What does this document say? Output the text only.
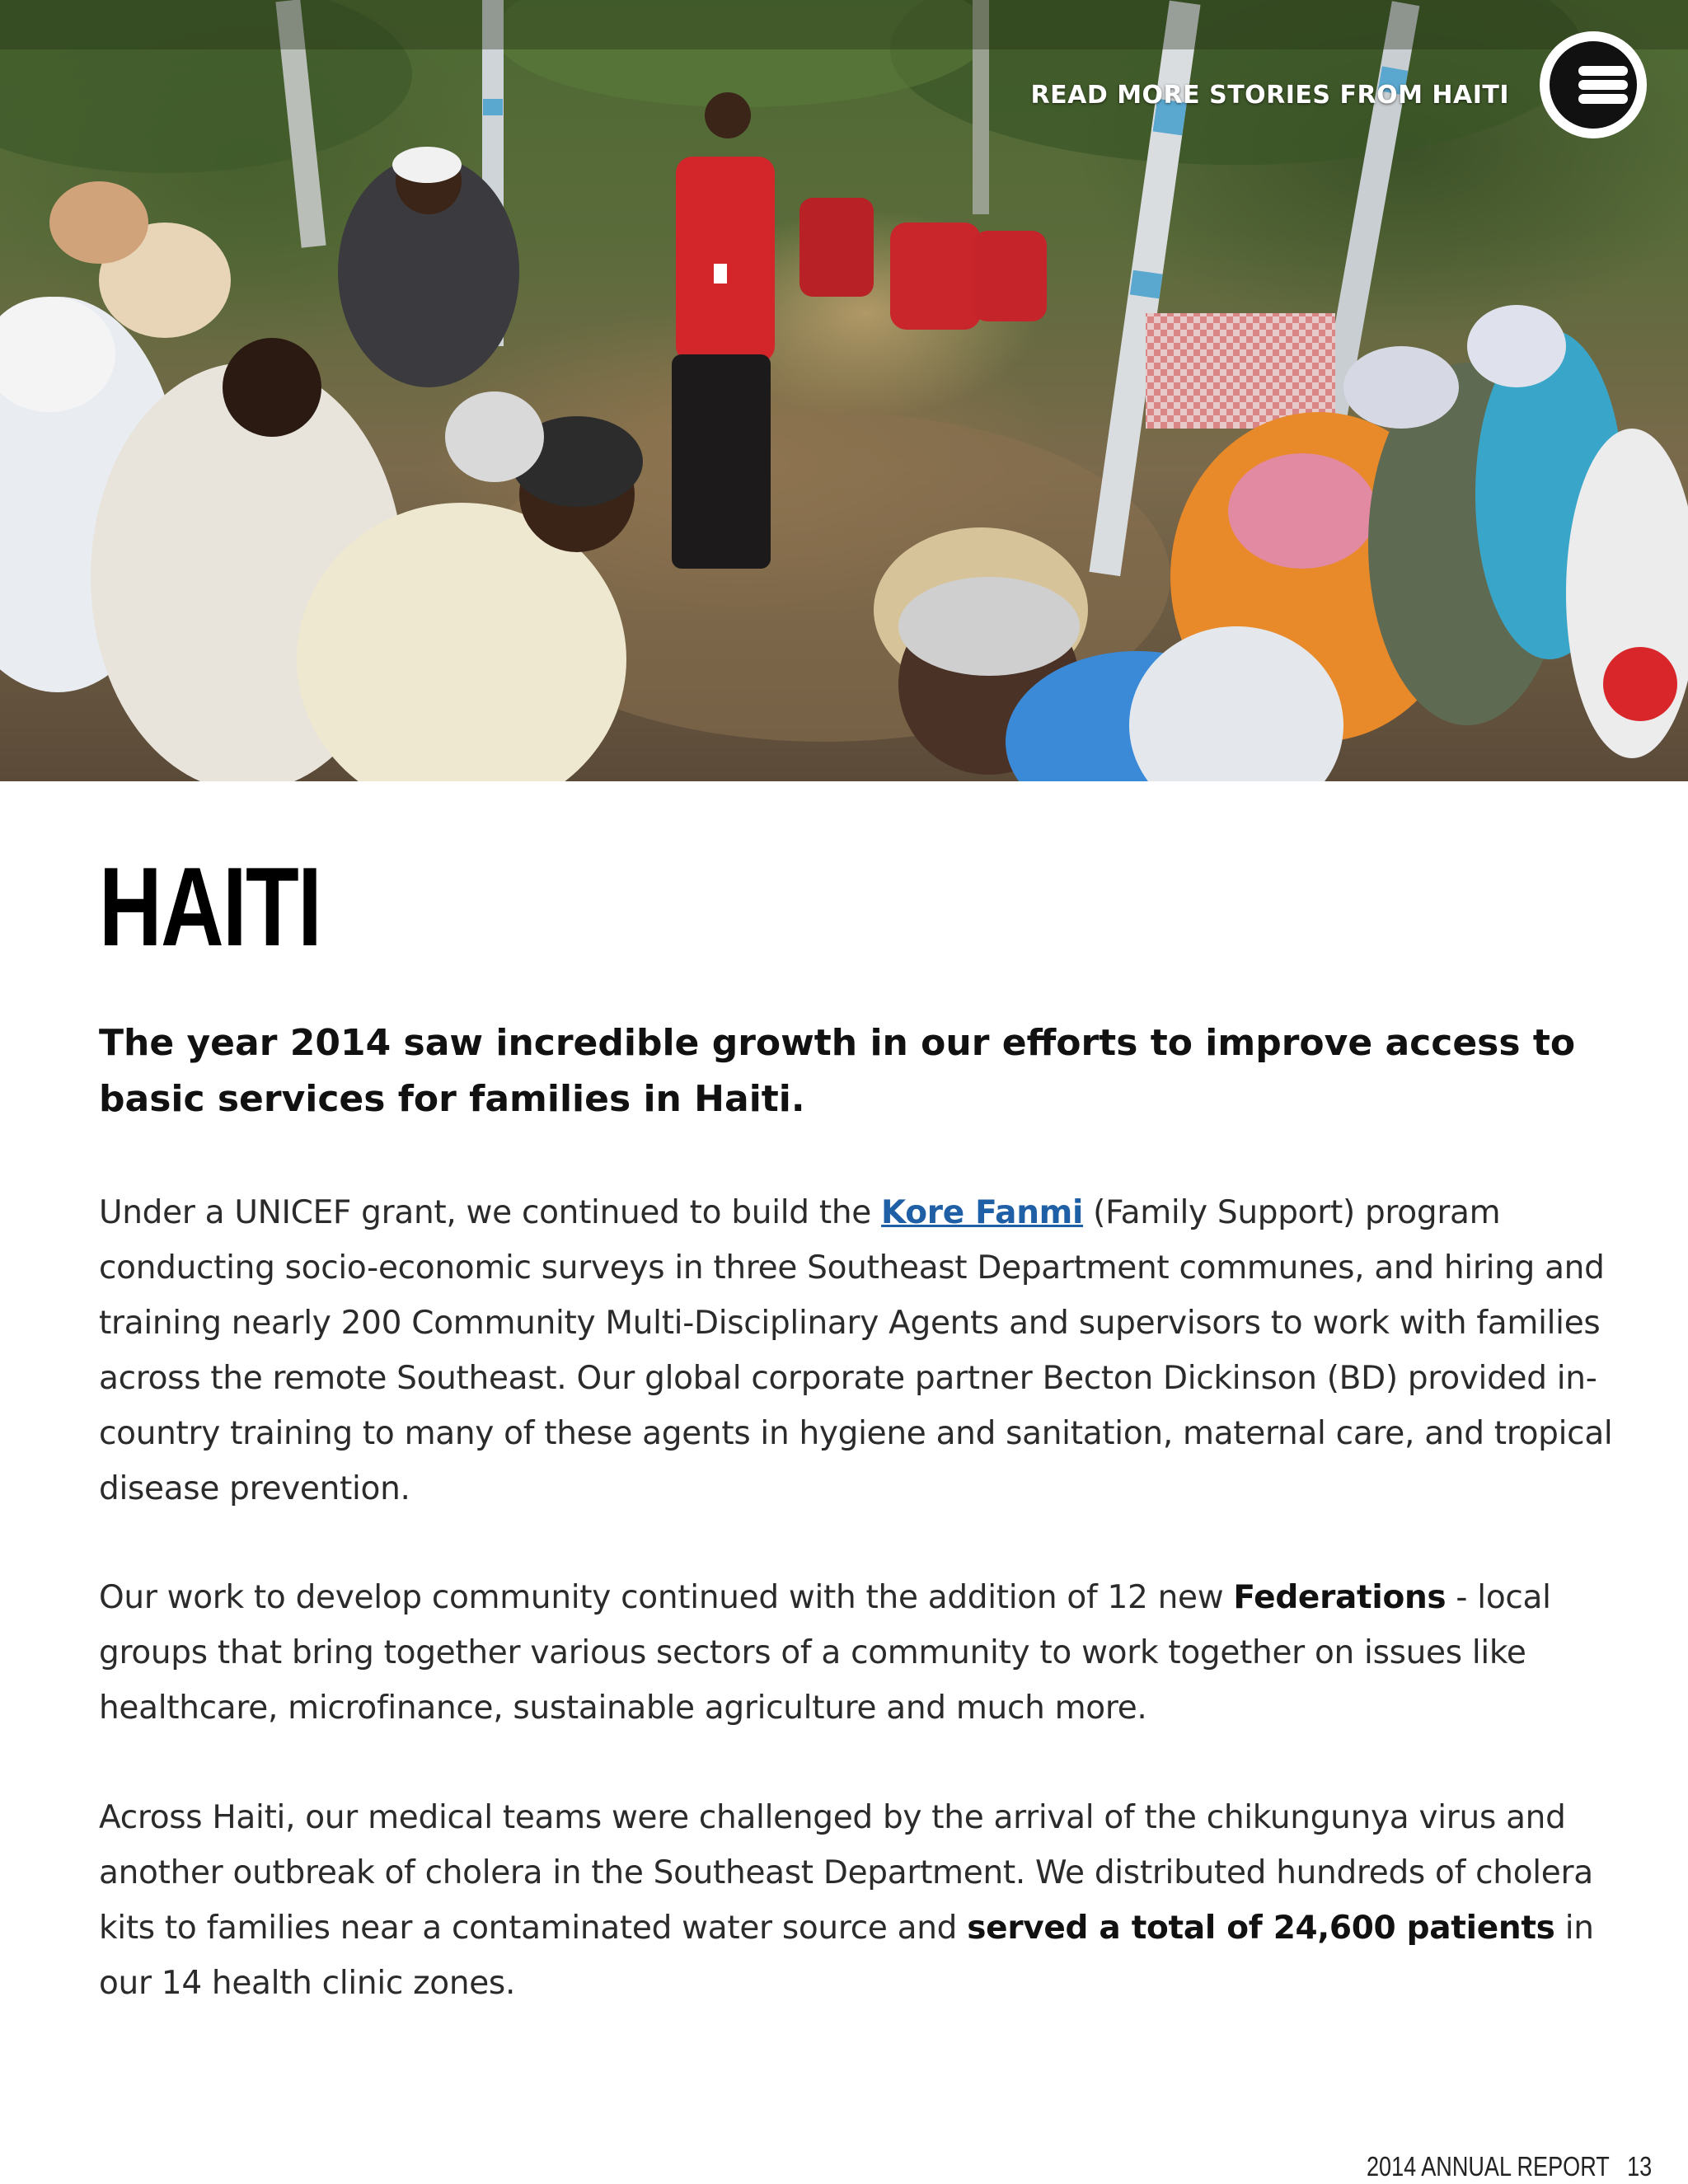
READ MORE STORIES FROM HAITI
HAITI

The year 2014 saw incredible growth in our efforts to improve access to basic services for families in Haiti.

Under a UNICEF grant, we continued to build the Kore Fanmi (Family Support) program conducting socio-economic surveys in three Southeast Department communes, and hiring and training nearly 200 Community Multi-Disciplinary Agents and supervisors to work with families across the remote Southeast. Our global corporate partner Becton Dickinson (BD) provided in-country training to many of these agents in hygiene and sanitation, maternal care, and tropical disease prevention.

Our work to develop community continued with the addition of 12 new Federations - local groups that bring together various sectors of a community to work together on issues like healthcare, microfinance, sustainable agriculture and much more.

Across Haiti, our medical teams were challenged by the arrival of the chikungunya virus and another outbreak of cholera in the Southeast Department. We distributed hundreds of cholera kits to families near a contaminated water source and served a total of 24,600 patients in our 14 health clinic zones.

2014 ANNUAL REPORT 13
